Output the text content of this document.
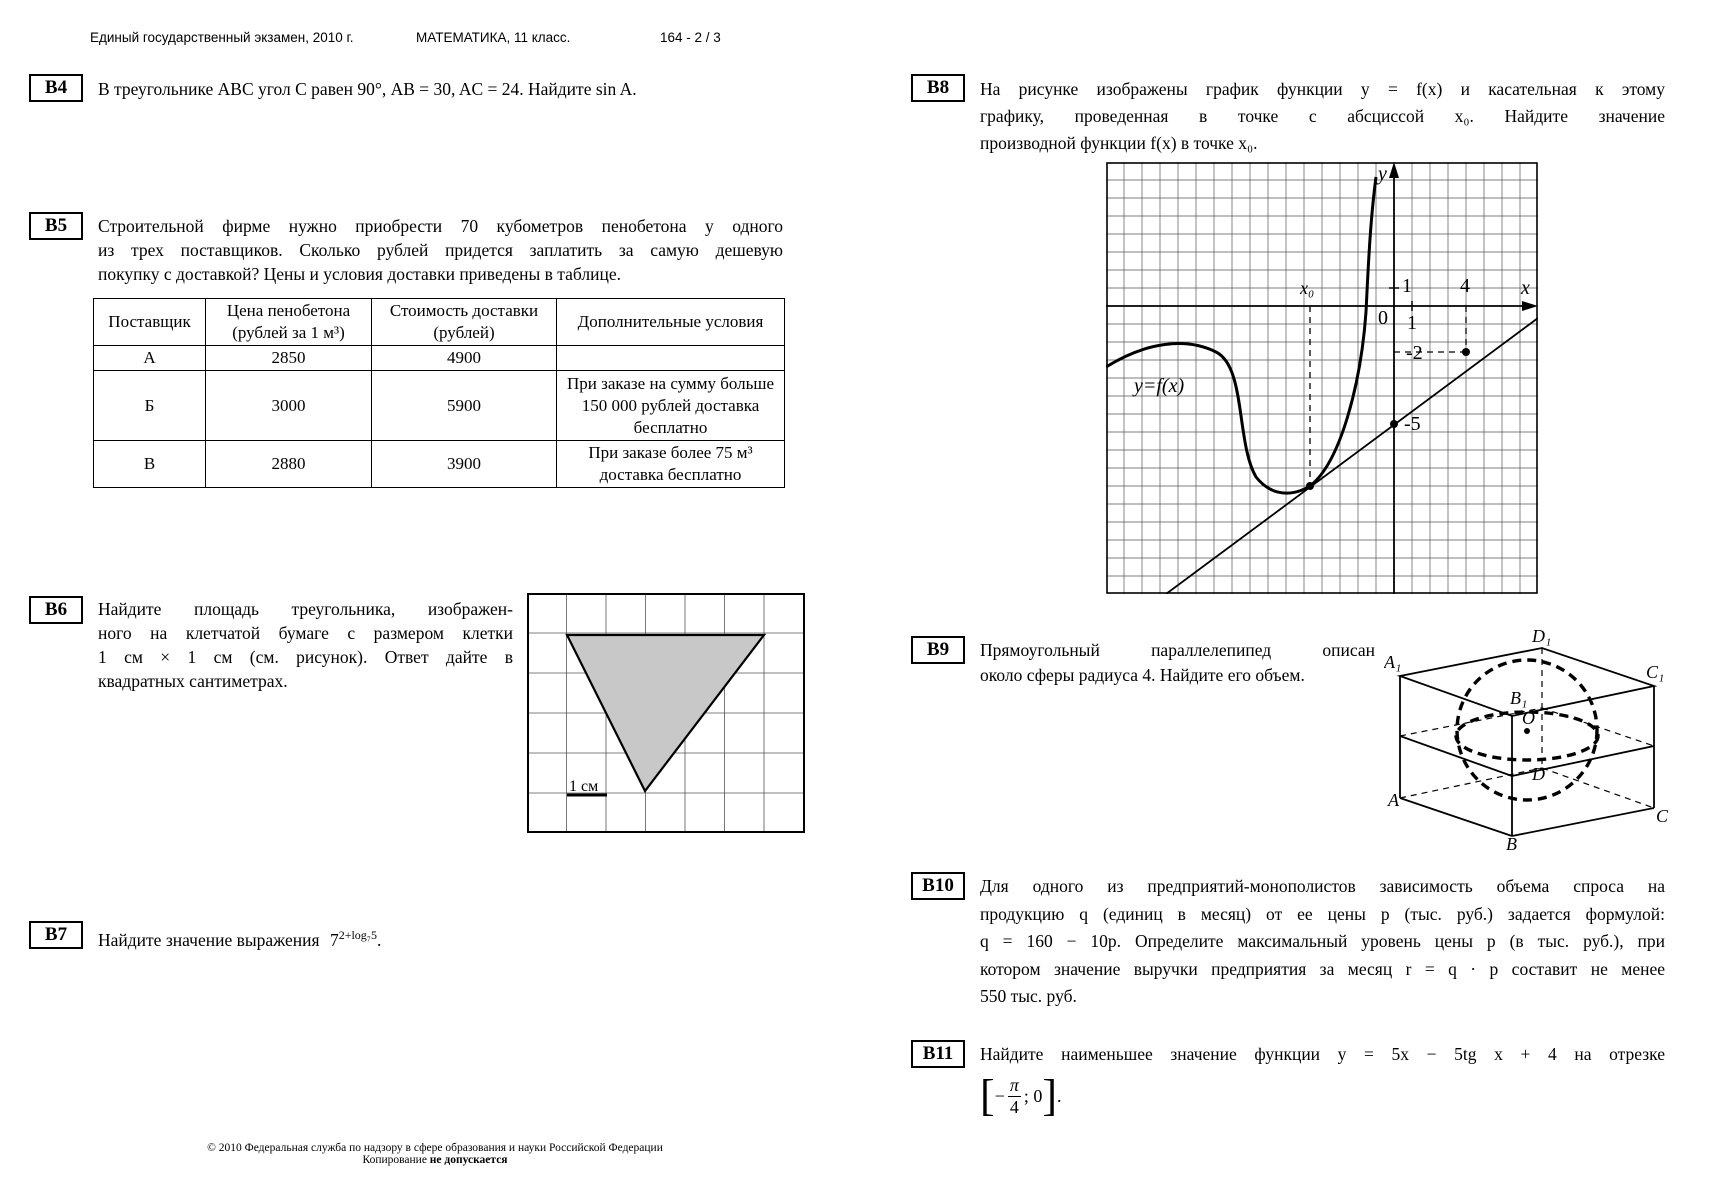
Единый государственный экзамен, 2010 г.	МАТЕМАТИКА, 11 класс.	164 - 2 / 3
B4	В треугольнике ABC угол C равен 90°, AB = 30, AC = 24. Найдите sin A.
B5	Строительной фирме нужно приобрести 70 кубометров пенобетона у одного
из трех поставщиков. Сколько рублей придется заплатить за самую дешевую
покупку с доставкой? Цены и условия доставки приведены в таблице.
Поставщик	Цена пенобетона (рублей за 1 м³)	Стоимость доставки (рублей)	Дополнительные условия
А	2850	4900	
Б	3000	5900	При заказе на сумму больше 150 000 рублей доставка бесплатно
В	2880	3900	При заказе более 75 м³ доставка бесплатно
B6	Найдите площадь треугольника, изображен-
ного на клетчатой бумаге с размером клетки
1 см × 1 см (см. рисунок). Ответ дайте в
квадратных сантиметрах.
1 см
B7	Найдите значение выражения $7^{2+log_75}$.
B8	На рисунке изображены график функции y = f(x) и касательная к этому
графику, проведенная в точке с абсциссой x₀. Найдите значение
производной функции f(x) в точке x₀.
y
x
0 1
1 4
-2
-5
x₀
y=f(x)
B9	Прямоугольный параллелепипед описан
около сферы радиуса 4. Найдите его объем.
A₁
D₁
C₁
B₁
O
D
A
C
B
B10	Для одного из предприятий-монополистов зависимость объема спроса на
продукцию q (единиц в месяц) от ее цены p (тыс. руб.) задается формулой:
q = 160 − 10p. Определите максимальный уровень цены p (в тыс. руб.), при
котором значение выручки предприятия за месяц r = q · p составит не менее
550 тыс. руб.
B11	Найдите наименьшее значение функции y = 5x − 5tg x + 4 на отрезке
[ − $\frac{\pi}{4}$ ; 0 ] .
© 2010 Федеральная служба по надзору в сфере образования и науки Российской Федерации
Копирование не допускается
